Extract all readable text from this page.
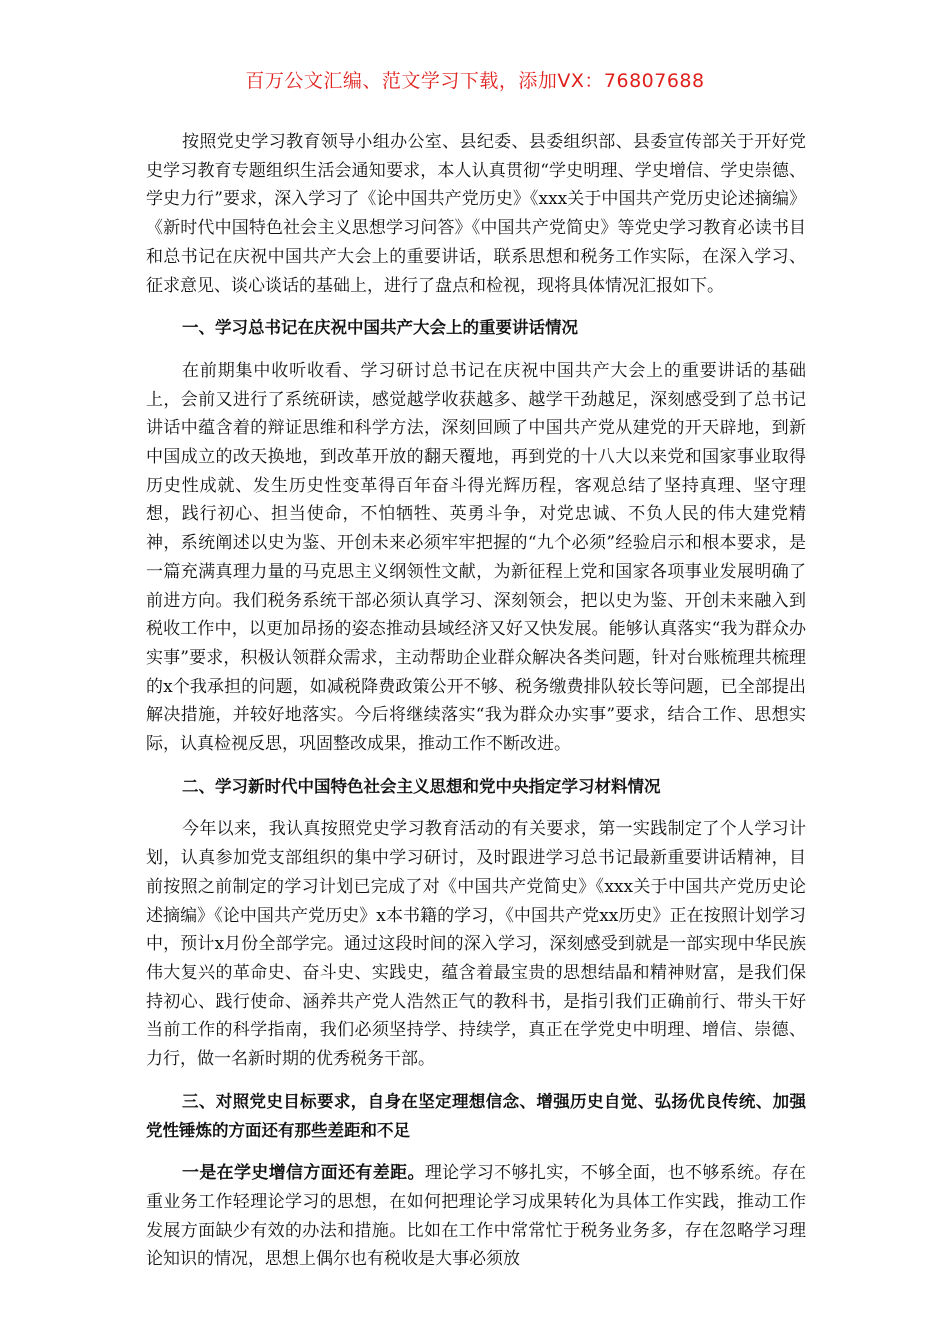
百万公文汇编、范文学习下载，添加VX：76807688

按照党史学习教育领导小组办公室、县纪委、县委组织部、县委宣传部关于开好党史学习教育专题组织生活会通知要求，本人认真贯彻“学史明理、学史增信、学史崇德、学史力行”要求，深入学习了《论中国共产党历史》《xxx关于中国共产党历史论述摘编》《新时代中国特色社会主义思想学习问答》《中国共产党简史》等党史学习教育必读书目和总书记在庆祝中国共产大会上的重要讲话，联系思想和税务工作实际，在深入学习、征求意见、谈心谈话的基础上，进行了盘点和检视，现将具体情况汇报如下。

一、学习总书记在庆祝中国共产大会上的重要讲话情况

在前期集中收听收看、学习研讨总书记在庆祝中国共产大会上的重要讲话的基础上，会前又进行了系统研读，感觉越学收获越多、越学干劲越足，深刻感受到了总书记讲话中蕴含着的辩证思维和科学方法，深刻回顾了中国共产党从建党的开天辟地，到新中国成立的改天换地，到改革开放的翻天覆地，再到党的十八大以来党和国家事业取得历史性成就、发生历史性变革得百年奋斗得光辉历程，客观总结了坚持真理、坚守理想，践行初心、担当使命，不怕牺牲、英勇斗争，对党忠诚、不负人民的伟大建党精神，系统阐述以史为鉴、开创未来必须牢牢把握的“九个必须”经验启示和根本要求，是一篇充满真理力量的马克思主义纲领性文献，为新征程上党和国家各项事业发展明确了前进方向。我们税务系统干部必须认真学习、深刻领会，把以史为鉴、开创未来融入到税收工作中，以更加昂扬的姿态推动县域经济又好又快发展。能够认真落实“我为群众办实事”要求，积极认领群众需求，主动帮助企业群众解决各类问题，针对台账梳理共梳理的x个我承担的问题，如减税降费政策公开不够、税务缴费排队较长等问题，已全部提出解决措施，并较好地落实。今后将继续落实“我为群众办实事”要求，结合工作、思想实际，认真检视反思，巩固整改成果，推动工作不断改进。

二、学习新时代中国特色社会主义思想和党中央指定学习材料情况

今年以来，我认真按照党史学习教育活动的有关要求，第一实践制定了个人学习计划，认真参加党支部组织的集中学习研讨，及时跟进学习总书记最新重要讲话精神，目前按照之前制定的学习计划已完成了对《中国共产党简史》《xxx关于中国共产党历史论述摘编》《论中国共产党历史》x本书籍的学习，《中国共产党xx历史》正在按照计划学习中，预计x月份全部学完。通过这段时间的深入学习，深刻感受到就是一部实现中华民族伟大复兴的革命史、奋斗史、实践史，蕴含着最宝贵的思想结晶和精神财富，是我们保持初心、践行使命、涵养共产党人浩然正气的教科书，是指引我们正确前行、带头干好当前工作的科学指南，我们必须坚持学、持续学，真正在学党史中明理、增信、崇德、力行，做一名新时期的优秀税务干部。

三、对照党史目标要求，自身在坚定理想信念、增强历史自觉、弘扬优良传统、加强党性锤炼的方面还有那些差距和不足

一是在学史增信方面还有差距。理论学习不够扎实，不够全面，也不够系统。存在重业务工作轻理论学习的思想，在如何把理论学习成果转化为具体工作实践，推动工作发展方面缺少有效的办法和措施。比如在工作中常常忙于税务业务多，存在忽略学习理论知识的情况，思想上偶尔也有税收是大事必须放
